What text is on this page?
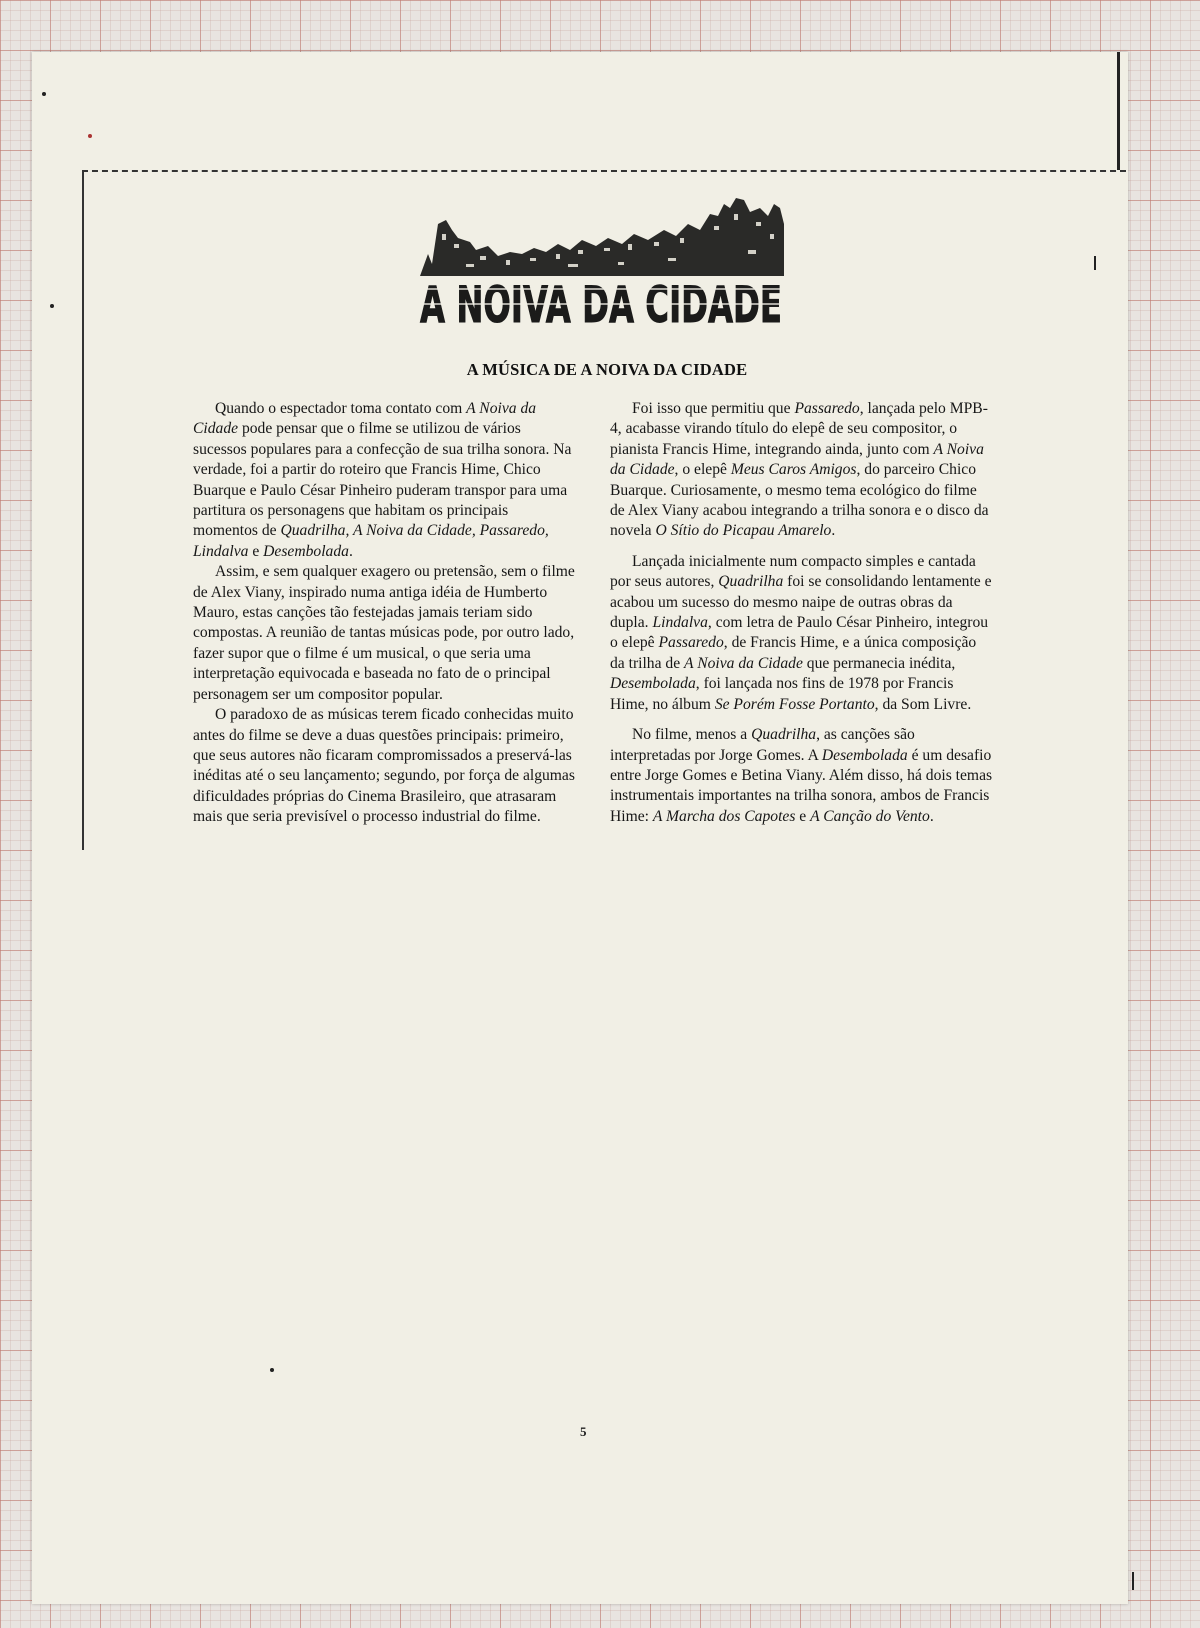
A NOIVA DA CIDADE
A MÚSICA DE A NOIVA DA CIDADE

Quando o espectador toma contato com A Noiva da Cidade pode pensar que o filme se utilizou de vários sucessos populares para a confecção de sua trilha sonora. Na verdade, foi a partir do roteiro que Francis Hime, Chico Buarque e Paulo César Pinheiro puderam transpor para uma partitura os personagens que habitam os principais momentos de Quadrilha, A Noiva da Cidade, Passaredo, Lindalva e Desembolada.

Assim, e sem qualquer exagero ou pretensão, sem o filme de Alex Viany, inspirado numa antiga idéia de Humberto Mauro, estas canções tão festejadas jamais teriam sido compostas. A reunião de tantas músicas pode, por outro lado, fazer supor que o filme é um musical, o que seria uma interpretação equivocada e baseada no fato de o principal personagem ser um compositor popular.

O paradoxo de as músicas terem ficado conhecidas muito antes do filme se deve a duas questões principais: primeiro, que seus autores não ficaram compromissados a preservá-las inéditas até o seu lançamento; segundo, por força de algumas dificuldades próprias do Cinema Brasileiro, que atrasaram mais que seria previsível o processo industrial do filme.

Foi isso que permitiu que Passaredo, lançada pelo MPB-4, acabasse virando título do elepê de seu compositor, o pianista Francis Hime, integrando ainda, junto com A Noiva da Cidade, o elepê Meus Caros Amigos, do parceiro Chico Buarque. Curiosamente, o mesmo tema ecológico do filme de Alex Viany acabou integrando a trilha sonora e o disco da novela O Sítio do Picapau Amarelo.

Lançada inicialmente num compacto simples e cantada por seus autores, Quadrilha foi se consolidando lentamente e acabou um sucesso do mesmo naipe de outras obras da dupla. Lindalva, com letra de Paulo César Pinheiro, integrou o elepê Passaredo, de Francis Hime, e a única composição da trilha de A Noiva da Cidade que permanecia inédita, Desembolada, foi lançada nos fins de 1978 por Francis Hime, no álbum Se Porém Fosse Portanto, da Som Livre.

No filme, menos a Quadrilha, as canções são interpretadas por Jorge Gomes. A Desembolada é um desafio entre Jorge Gomes e Betina Viany. Além disso, há dois temas instrumentais importantes na trilha sonora, ambos de Francis Hime: A Marcha dos Capotes e A Canção do Vento.

5
